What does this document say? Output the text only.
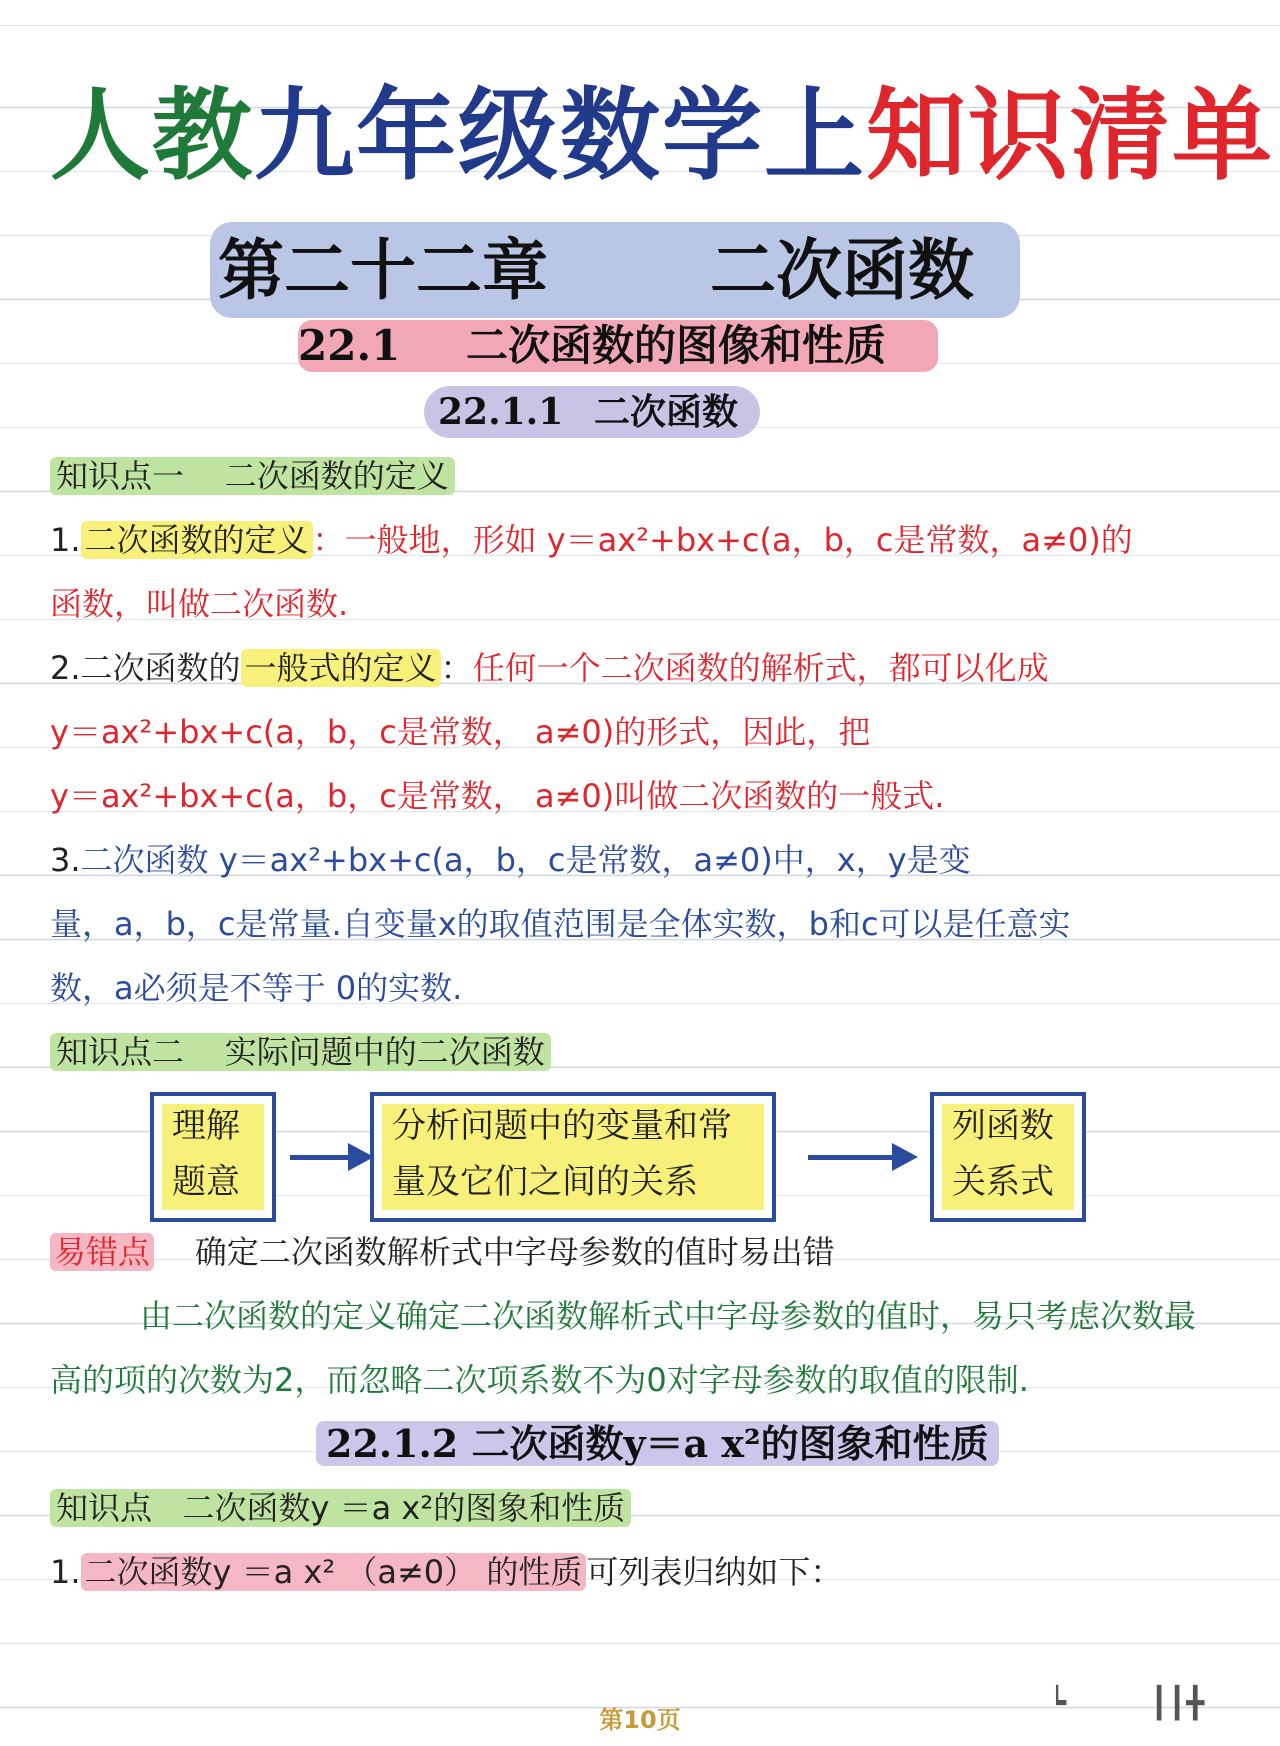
人教九年级数学上知识清单
第二十二章 二次函数
22.1 二次函数的图像和性质
22.1.1 二次函数
知识点一 二次函数的定义
1. 二次函数的定义 ：一般地，形如 y＝ax²+bx+c(a，b，c是常数，a≠0)的
函数，叫做二次函数.
2.二次函数的 一般式的定义 ：任何一个二次函数的解析式，都可以化成
y＝ax²+bx+c(a，b，c是常数， a≠0)的形式，因此，把
y＝ax²+bx+c(a，b，c是常数， a≠0)叫做二次函数的一般式.
3.二次函数 y＝ax²+bx+c(a，b，c是常数，a≠0)中，x，y是变
量，a，b，c是常量.自变量x的取值范围是全体实数，b和c可以是任意实
数，a必须是不等于 0的实数.
知识点二 实际问题中的二次函数
理解
题意
分析问题中的变量和常
量及它们之间的关系
列函数
关系式
易错点 确定二次函数解析式中字母参数的值时易出错
由二次函数的定义确定二次函数解析式中字母参数的值时，易只考虑次数最
高的项的次数为2，而忽略二次项系数不为0对字母参数的取值的限制.
22.1.2 二次函数y＝a x²的图象和性质
知识点 二次函数y ＝a x²的图象和性质
1. 二次函数y ＝a x² （a≠0） 的性质 可列表归纳如下：
第10页	┕	┃┃╋
